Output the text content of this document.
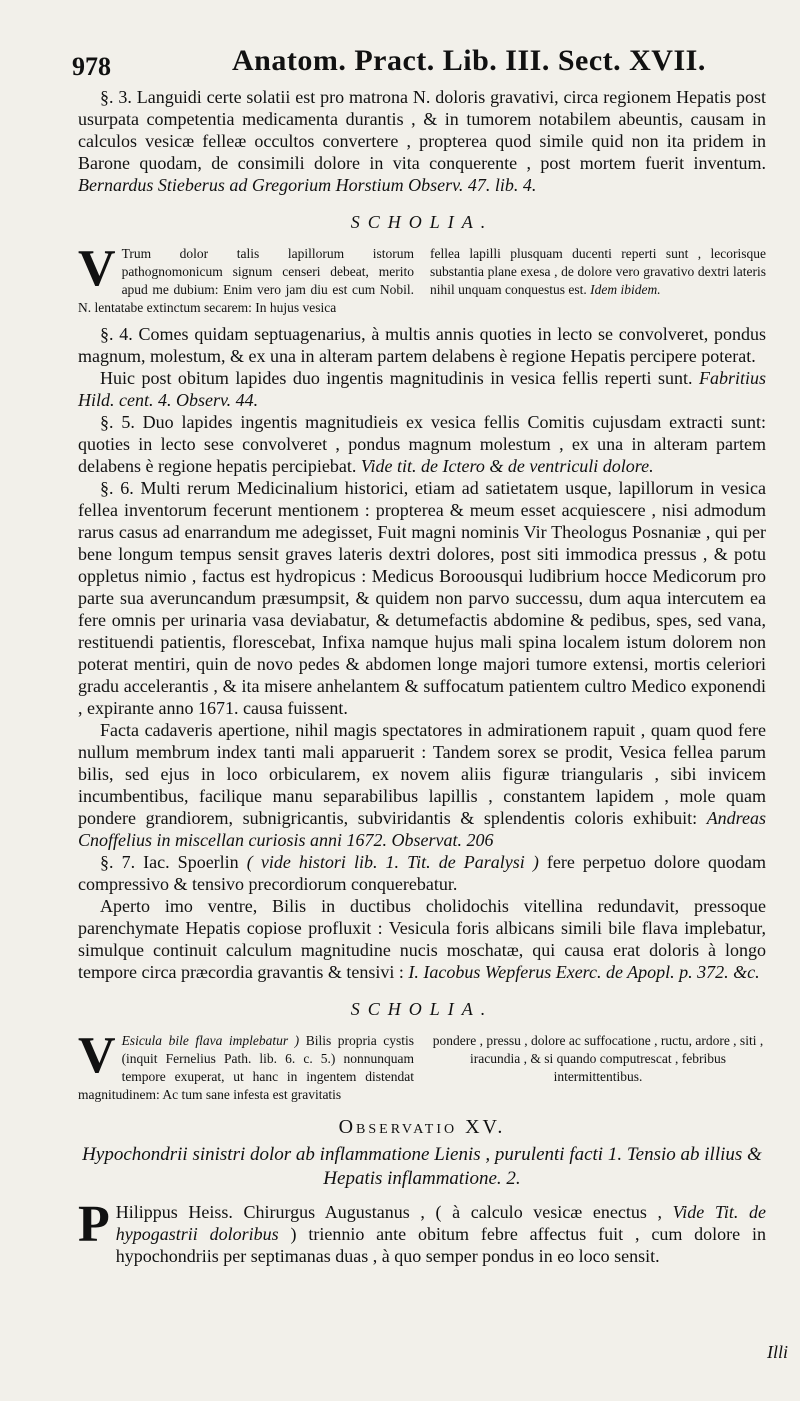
978	Anatom. Pract. Lib. III. Sect. XVII.

§. 3. Languidi certe solatii est pro matrona N. doloris gravativi, circa regionem Hepatis post usurpata competentia medicamenta durantis , & in tumorem notabilem abeuntis, causam in calculos vesicæ felleæ occultos convertere , propterea quod simile quid non ita pridem in Barone quodam, de consimili dolore in vita conquerente , post mortem fuerit inventum. Bernardus Stieberus ad Gregorium Horstium Observ. 47. lib. 4.

SCHOLIA.
V Trum dolor talis lapillorum istorum pathognomonicum signum censeri debeat, merito apud me dubium: Enim vero jam diu est cum Nobil. N. lentatabe extinctum secarem: In hujus vesica
fellea lapilli plusquam ducenti reperti sunt , lecorisque substantia plane exesa , de dolore vero gravativo dextri lateris nihil unquam conquestus est. Idem ibidem.

§. 4. Comes quidam septuagenarius, à multis annis quoties in lecto se convolveret, pondus magnum, molestum, & ex una in alteram partem delabens è regione Hepatis percipere poterat.

Huic post obitum lapides duo ingentis magnitudinis in vesica fellis reperti sunt. Fabritius Hild. cent. 4. Observ. 44.

§. 5. Duo lapides ingentis magnitudieis ex vesica fellis Comitis cujusdam extracti sunt: quoties in lecto sese convolveret , pondus magnum molestum , ex una in alteram partem delabens è regione hepatis percipiebat. Vide tit. de Ictero & de ventriculi dolore.

§. 6. Multi rerum Medicinalium historici, etiam ad satietatem usque, lapillorum in vesica fellea inventorum fecerunt mentionem : propterea & meum esset acquiescere , nisi admodum rarus casus ad enarrandum me adegisset, Fuit magni nominis Vir Theologus Posnaniæ , qui per bene longum tempus sensit graves lateris dextri dolores, post siti immodica pressus , & potu oppletus nimio , factus est hydropicus : Medicus Boroousqui ludibrium hocce Medicorum pro parte sua averuncandum præsumpsit, & quidem non parvo successu, dum aqua intercutem ea fere omnis per urinaria vasa deviabatur, & detumefactis abdomine & pedibus, spes, sed vana, restituendi patientis, florescebat, Infixa namque hujus mali spina localem istum dolorem non poterat mentiri, quin de novo pedes & abdomen longe majori tumore extensi, mortis celeriori gradu accelerantis , & ita misere anhelantem & suffocatum patientem cultro Medico exponendi , expirante anno 1671. causa fuissent.

Facta cadaveris apertione, nihil magis spectatores in admirationem rapuit , quam quod fere nullum membrum index tanti mali apparuerit : Tandem sorex se prodit, Vesica fellea parum bilis, sed ejus in loco orbicularem, ex novem aliis figuræ triangularis , sibi invicem incumbentibus, facilique manu separabilibus lapillis , constantem lapidem , mole quam pondere grandiorem, subnigricantis, subviridantis & splendentis coloris exhibuit: Andreas Cnoffelius in miscellan curiosis anni 1672. Observat. 206

§. 7. Iac. Spoerlin ( vide histori lib. 1. Tit. de Paralysi ) fere perpetuo dolore quodam compressivo & tensivo precordiorum conquerebatur.

Aperto imo ventre, Bilis in ductibus cholidochis vitellina redundavit, pressoque parenchymate Hepatis copiose profluxit : Vesicula foris albicans simili bile flava implebatur, simulque continuit calculum magnitudine nucis moschatæ, qui causa erat doloris à longo tempore circa præcordia gravantis & tensivi : I. Iacobus Wepferus Exerc. de Apopl. p. 372. &c.

SCHOLIA.
V Esicula bile flava implebatur ) Bilis propria cystis (inquit Fernelius Path. lib. 6. c. 5.) nonnunquam tempore exuperat, ut hanc in ingentem distendat magnitudinem: Ac tum sane infesta est gravitatis
pondere , pressu , dolore ac suffocatione , ructu, ardore , siti , iracundia , & si quando computrescat , febribus intermittentibus.
Observatio XV.
Hypochondrii sinistri dolor ab inflammatione Lienis , purulenti facti 1. Tensio ab illius & Hepatis inflammatione. 2.

P Hilippus Heiss. Chirurgus Augustanus , ( à calculo vesicæ enectus , Vide Tit. de hypogastrii doloribus ) triennio ante obitum febre affectus fuit , cum dolore in hypochondriis per septimanas duas , à quo semper pondus in eo loco sensit.

Illi
